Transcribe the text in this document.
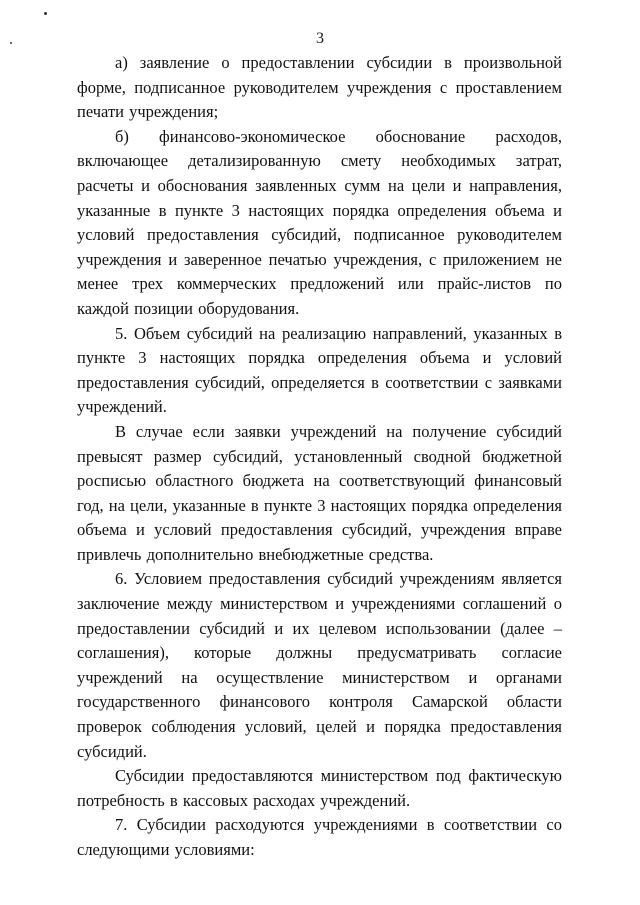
3

а) заявление о предоставлении субсидии в произвольной форме, подписанное руководителем учреждения с проставлением печати учреждения;

б) финансово-экономическое обоснование расходов, включающее детализированную смету необходимых затрат, расчеты и обоснования заявленных сумм на цели и направления, указанные в пункте 3 настоящих порядка определения объема и условий предоставления субсидий, подписанное руководителем учреждения и заверенное печатью учреждения, с приложением не менее трех коммерческих предложений или прайс-листов по каждой позиции оборудования.

5. Объем субсидий на реализацию направлений, указанных в пункте 3 настоящих порядка определения объема и условий предоставления субсидий, определяется в соответствии с заявками учреждений.

В случае если заявки учреждений на получение субсидий превысят размер субсидий, установленный сводной бюджетной росписью областного бюджета на соответствующий финансовый год, на цели, указанные в пункте 3 настоящих порядка определения объема и условий предоставления субсидий, учреждения вправе привлечь дополнительно внебюджетные средства.

6. Условием предоставления субсидий учреждениям является заключение между министерством и учреждениями соглашений о предоставлении субсидий и их целевом использовании (далее – соглашения), которые должны предусматривать согласие учреждений на осуществление министерством и органами государственного финансового контроля Самарской области проверок соблюдения условий, целей и порядка предоставления субсидий.

Субсидии предоставляются министерством под фактическую потребность в кассовых расходах учреждений.

7. Субсидии расходуются учреждениями в соответствии со следующими условиями:
